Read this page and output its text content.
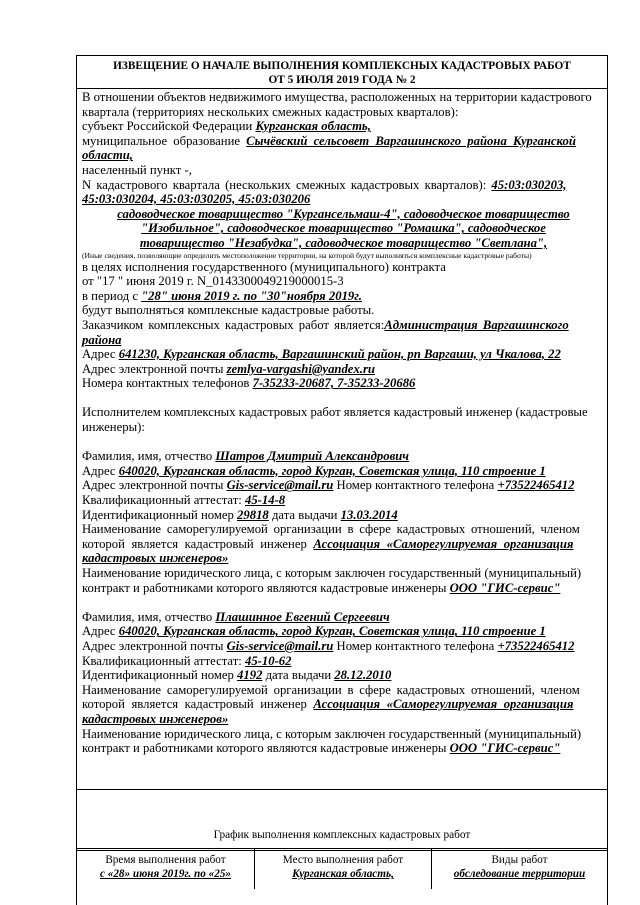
ИЗВЕЩЕНИЕ О НАЧАЛЕ ВЫПОЛНЕНИЯ КОМПЛЕКСНЫХ КАДАСТРОВЫХ РАБОТ
ОТ 5 ИЮЛЯ 2019 ГОДА № 2
В отношении объектов недвижимого имущества, расположенных на территории кадастрового
квартала (территориях нескольких смежных кадастровых кварталов):
субъект Российской Федерации Курганская область,
муниципальное образование Сычёвский сельсовет Варгашинского района Курганской
области,
населенный пункт -,
N кадастрового квартала (нескольких смежных кадастровых кварталов): 45:03:030203,
45:03:030204, 45:03:030205, 45:03:030206
садоводческое товарищество "Кургансельмаш-4", садоводческое товарищество
"Изобильное", садоводческое товарищество "Ромашка", садоводческое
товарищество "Незабудка", садоводческое товарищество "Светлана",
(Иные сведения, позволяющие определить местоположение территории, на которой будут выполняться комплексные кадастровые работы)
в целях исполнения государственного (муниципального) контракта
от "17 " июня 2019 г. N_0143300049219000015-3
в период с "28" июня 2019 г. по "30"ноября 2019г.
будут выполняться комплексные кадастровые работы.
Заказчиком комплексных кадастровых работ является:Администрация Варгашинского
района
Адрес 641230, Курганская область, Варгашинский район, рп Варгаши, ул Чкалова, 22
Адрес электронной почты zemlya-vargashi@yandex.ru
Номера контактных телефонов 7-35233-20687, 7-35233-20686
Исполнителем комплексных кадастровых работ является кадастровый инженер (кадастровые
инженеры):
Фамилия, имя, отчество Шатров Дмитрий Александрович
Адрес 640020, Курганская область, город Курган, Советская улица, 110 строение 1
Адрес электронной почты Gis-service@mail.ru Номер контактного телефона +73522465412
Квалификационный аттестат: 45-14-8
Идентификационный номер 29818 дата выдачи 13.03.2014
Наименование саморегулируемой организации в сфере кадастровых отношений, членом
которой является кадастровый инженер Ассоциация «Саморегулируемая организация
кадастровых инженеров»
Наименование юридического лица, с которым заключен государственный (муниципальный)
контракт и работниками которого являются кадастровые инженеры ООО "ГИС-сервис"
Фамилия, имя, отчество Плашинное Евгений Сергеевич
Адрес 640020, Курганская область, город Курган, Советская улица, 110 строение 1
Адрес электронной почты Gis-service@mail.ru Номер контактного телефона +73522465412
Квалификационный аттестат: 45-10-62
Идентификационный номер 4192 дата выдачи 28.12.2010
Наименование саморегулируемой организации в сфере кадастровых отношений, членом
которой является кадастровый инженер Ассоциация «Саморегулируемая организация
кадастровых инженеров»
Наименование юридического лица, с которым заключен государственный (муниципальный)
контракт и работниками которого являются кадастровые инженеры ООО "ГИС-сервис"
График выполнения комплексных кадастровых работ
Время выполнения работ
с «28» июня 2019г. по «25»
Место выполнения работ
Курганская область,
Виды работ
обследование территории
